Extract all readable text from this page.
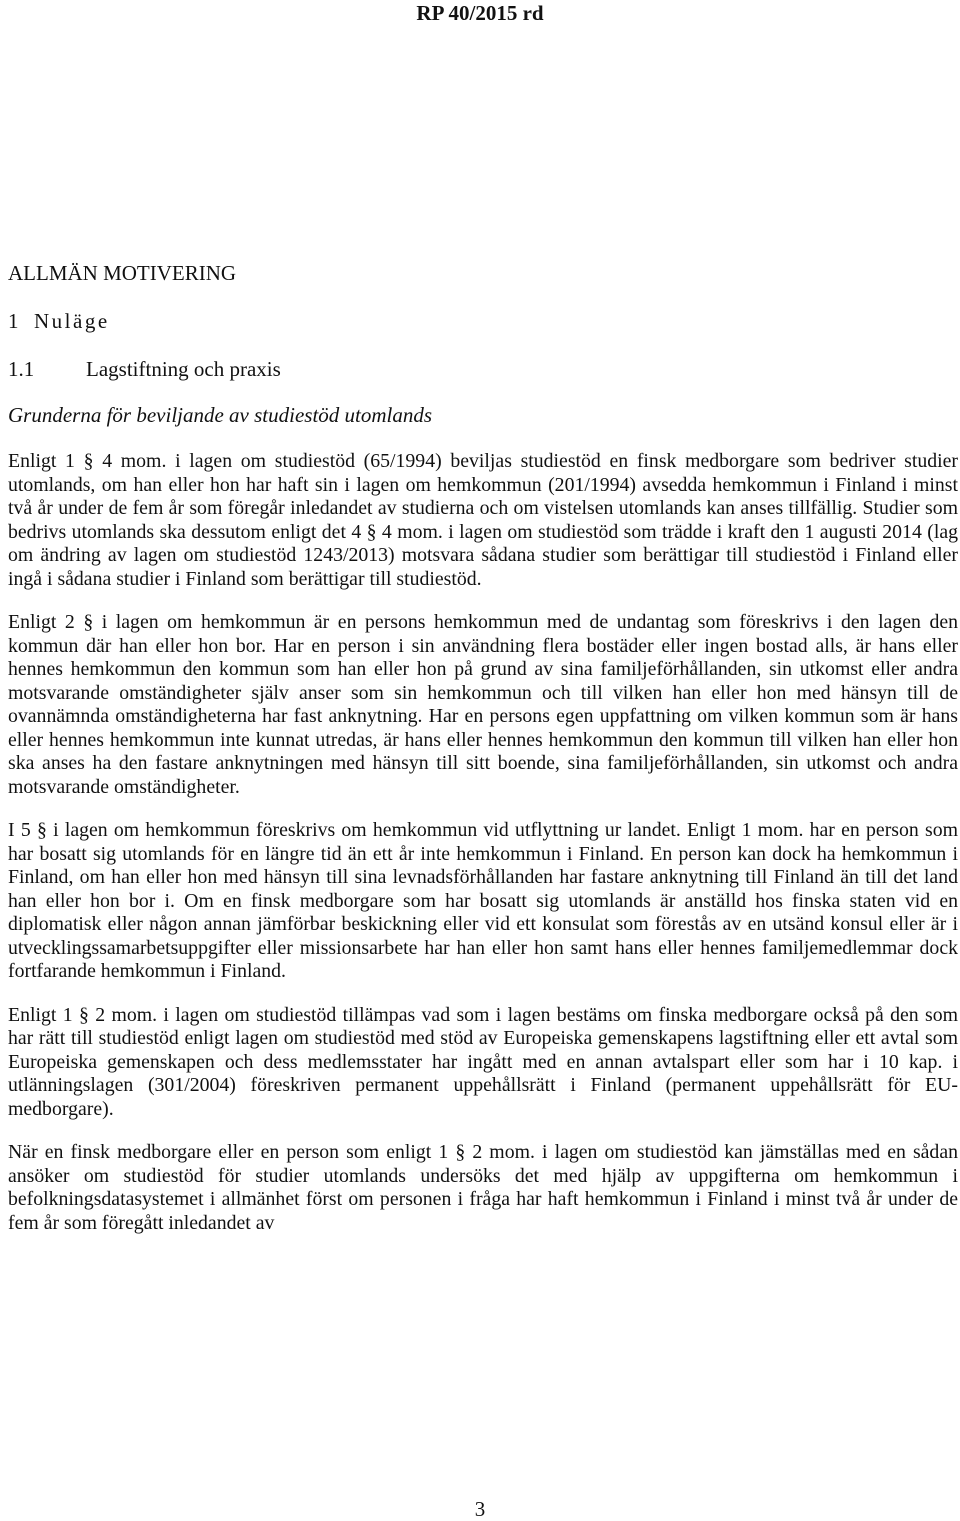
RP 40/2015 rd
ALLMÄN MOTIVERING
1 Nuläge
1.1 Lagstiftning och praxis
Grunderna för beviljande av studiestöd utomlands

Enligt 1 § 4 mom. i lagen om studiestöd (65/1994) beviljas studiestöd en finsk medborgare som bedriver studier utomlands, om han eller hon har haft sin i lagen om hemkommun (201/1994) avsedda hemkommun i Finland i minst två år under de fem år som föregår inledandet av studierna och om vistelsen utomlands kan anses tillfällig. Studier som bedrivs utomlands ska dessutom enligt det 4 § 4 mom. i lagen om studiestöd som trädde i kraft den 1 augusti 2014 (lag om ändring av lagen om studiestöd 1243/2013) motsvara sådana studier som berättigar till studiestöd i Finland eller ingå i sådana studier i Finland som berättigar till studiestöd.

Enligt 2 § i lagen om hemkommun är en persons hemkommun med de undantag som föreskrivs i den lagen den kommun där han eller hon bor. Har en person i sin användning flera bostäder eller ingen bostad alls, är hans eller hennes hemkommun den kommun som han eller hon på grund av sina familjeförhållanden, sin utkomst eller andra motsvarande omständigheter själv anser som sin hemkommun och till vilken han eller hon med hänsyn till de ovannämnda omständigheterna har fast anknytning. Har en persons egen uppfattning om vilken kommun som är hans eller hennes hemkommun inte kunnat utredas, är hans eller hennes hemkommun den kommun till vilken han eller hon ska anses ha den fastare anknytningen med hänsyn till sitt boende, sina familjeförhållanden, sin utkomst och andra motsvarande omständigheter.

I 5 § i lagen om hemkommun föreskrivs om hemkommun vid utflyttning ur landet. Enligt 1 mom. har en person som har bosatt sig utomlands för en längre tid än ett år inte hemkommun i Finland. En person kan dock ha hemkommun i Finland, om han eller hon med hänsyn till sina levnadsförhållanden har fastare anknytning till Finland än till det land han eller hon bor i. Om en finsk medborgare som har bosatt sig utomlands är anställd hos finska staten vid en diplomatisk eller någon annan jämförbar beskickning eller vid ett konsulat som förestås av en utsänd konsul eller är i utvecklingssamarbetsuppgifter eller missionsarbete har han eller hon samt hans eller hennes familjemedlemmar dock fortfarande hemkommun i Finland.

Enligt 1 § 2 mom. i lagen om studiestöd tillämpas vad som i lagen bestäms om finska medborgare också på den som har rätt till studiestöd enligt lagen om studiestöd med stöd av Europeiska gemenskapens lagstiftning eller ett avtal som Europeiska gemenskapen och dess medlemsstater har ingått med en annan avtalspart eller som har i 10 kap. i utlänningslagen (301/2004) föreskriven permanent uppehållsrätt i Finland (permanent uppehållsrätt för EU-medborgare).

När en finsk medborgare eller en person som enligt 1 § 2 mom. i lagen om studiestöd kan jämställas med en sådan ansöker om studiestöd för studier utomlands undersöks det med hjälp av uppgifterna om hemkommun i befolkningsdatasystemet i allmänhet först om personen i fråga har haft hemkommun i Finland i minst två år under de fem år som föregått inledandet av

3
